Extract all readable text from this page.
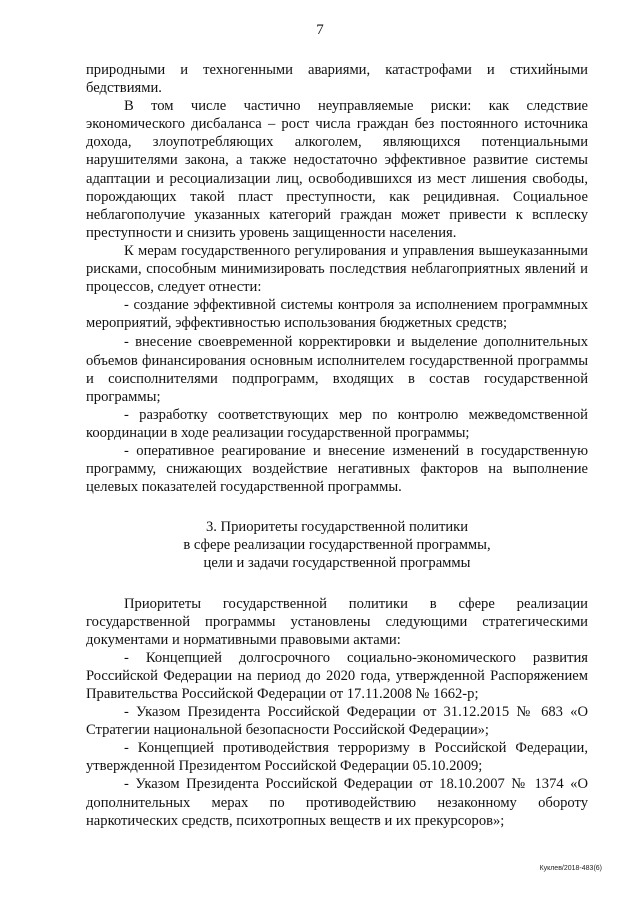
7

природными и техногенными авариями, катастрофами и стихийными бедствиями.

В том числе частично неуправляемые риски: как следствие экономического дисбаланса – рост числа граждан без постоянного источника дохода, злоупотребляющих алкоголем, являющихся потенциальными нарушителями закона, а также недостаточно эффективное развитие системы адаптации и ресоциализации лиц, освободившихся из мест лишения свободы, порождающих такой пласт преступности, как рецидивная. Социальное неблагополучие указанных категорий граждан может привести к всплеску преступности и снизить уровень защищенности населения.

К мерам государственного регулирования и управления вышеуказанными рисками, способным минимизировать последствия неблагоприятных явлений и процессов, следует отнести:

- создание эффективной системы контроля за исполнением программных мероприятий, эффективностью использования бюджетных средств;

- внесение своевременной корректировки и выделение дополнительных объемов финансирования основным исполнителем государственной программы и соисполнителями подпрограмм, входящих в состав государственной программы;

- разработку соответствующих мер по контролю межведомственной координации в ходе реализации государственной программы;

- оперативное реагирование и внесение изменений в государственную программу, снижающих воздействие негативных факторов на выполнение целевых показателей государственной программы.

3. Приоритеты государственной политики
в сфере реализации государственной программы,
цели и задачи государственной программы

Приоритеты государственной политики в сфере реализации государственной программы установлены следующими стратегическими документами и нормативными правовыми актами:

- Концепцией долгосрочного социально-экономического развития Российской Федерации на период до 2020 года, утвержденной Распоряжением Правительства Российской Федерации от 17.11.2008 № 1662-р;

- Указом Президента Российской Федерации от 31.12.2015 № 683 «О Стратегии национальной безопасности Российской Федерации»;

- Концепцией противодействия терроризму в Российской Федерации, утвержденной Президентом Российской Федерации 05.10.2009;

- Указом Президента Российской Федерации от 18.10.2007 № 1374 «О дополнительных мерах по противодействию незаконному обороту наркотических средств, психотропных веществ и их прекурсоров»;

Куклев/2018-483(6)
